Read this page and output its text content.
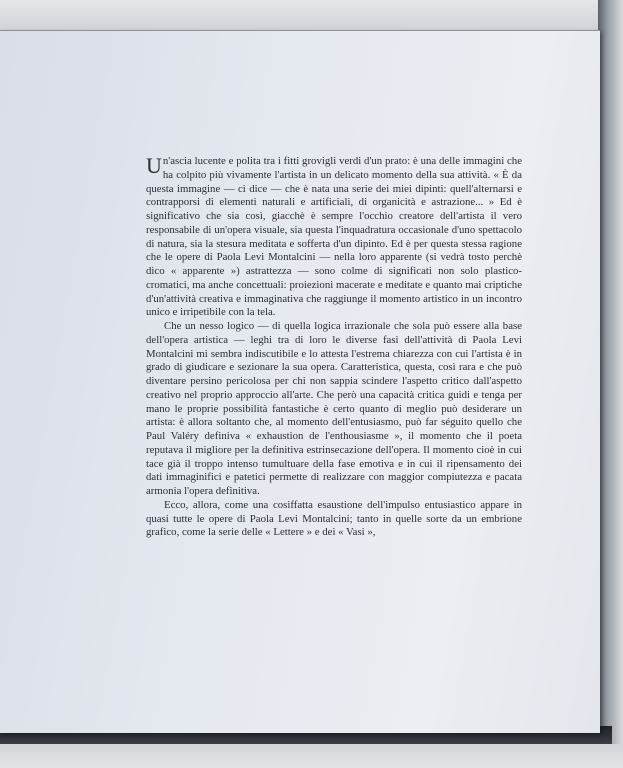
Un'ascia lucente e polita tra i fitti grovigli verdi d'un prato: è una delle immagini che ha colpito più vivamente l'artista in un delicato momento della sua attività. « È da questa immagine — ci dice — che è nata una serie dei miei dipinti: quell'alternarsi e contrapporsi di elementi naturali e artificiali, di organicità e astrazione... » Ed è significativo che sia così, giacchè è sempre l'occhio creatore dell'artista il vero responsabile di un'opera visuale, sia questa l'inquadratura occasionale d'uno spettacolo di natura, sia la stesura meditata e sofferta d'un dipinto. Ed è per questa stessa ragione che le opere di Paola Levi Montalcini — nella loro apparente (si vedrà tosto perchè dico « apparente ») astrattezza — sono colme di significati non solo plastico-cromatici, ma anche concettuali: proiezioni macerate e meditate e quanto mai criptiche d'un'attività creativa e immaginativa che raggiunge il momento artistico in un incontro unico e irripetibile con la tela.

Che un nesso logico — di quella logica irrazionale che sola può essere alla base dell'opera artistica — leghi tra di loro le diverse fasi dell'attività di Paola Levi Montalcini mi sembra indiscutibile e lo attesta l'estrema chiarezza con cui l'artista è in grado di giudicare e sezionare la sua opera. Caratteristica, questa, così rara e che può diventare persino pericolosa per chi non sappia scindere l'aspetto critico dall'aspetto creativo nel proprio approccio all'arte. Che però una capacità critica guidi e tenga per mano le proprie possibilità fantastiche è certo quanto di meglio può desiderare un artista: è allora soltanto che, al momento dell'entusiasmo, può far séguito quello che Paul Valéry definiva « exhaustion de l'enthousiasme », il momento che il poeta reputava il migliore per la definitiva estrinsecazione dell'opera. Il momento cioè in cui tace già il troppo intenso tumultuare della fase emotiva e in cui il ripensamento dei dati immaginifici e patetici permette di realizzare con maggior compiutezza e pacata armonia l'opera definitiva.

Ecco, allora, come una cosiffatta esaustione dell'impulso entusiastico appare in quasi tutte le opere di Paola Levi Montalcini; tanto in quelle sorte da un embrione grafico, come la serie delle « Lettere » e dei « Vasi »,
